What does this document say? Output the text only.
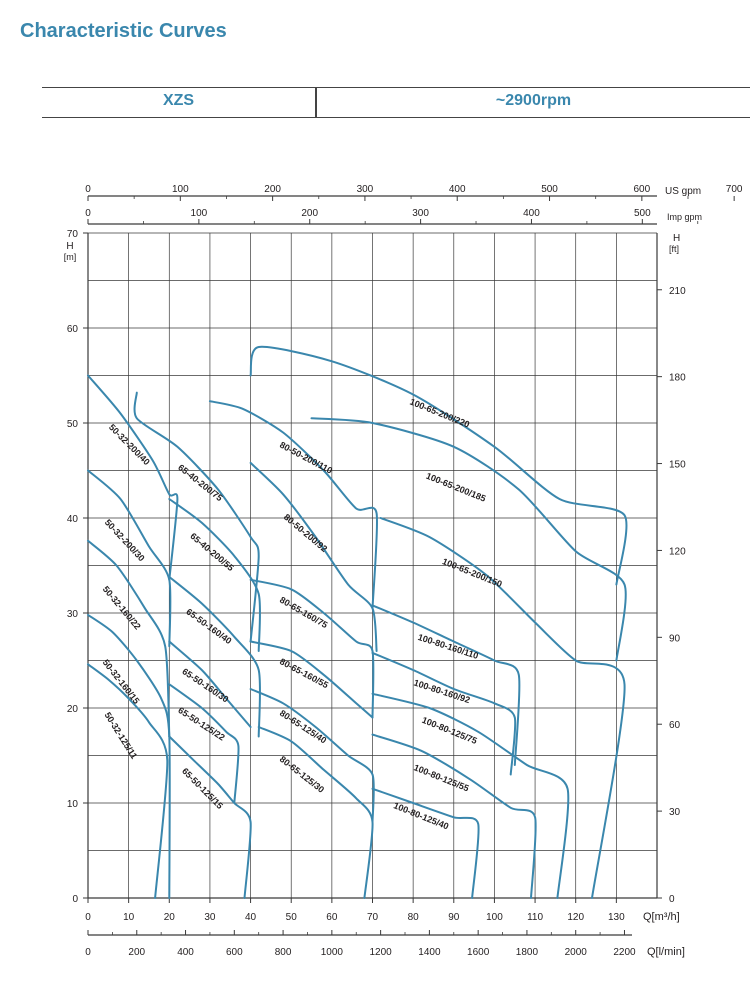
Characteristic Curves
XZS	~2900rpm
0
10
20
30
40
50
60
70
H
[m]
0
30
60
90
120
150
180
210
H
[ft]
0	10	20	30	40	50	60	70	80	90	100 110 120 130 Q[m³/h]
0	200	400	600	800	1000	1200	1400	1600	1800	2000	2200 Q[l/min]
0	100	200	300	400	500	600	700
US gpm
0	100	200	300	400	500 Imp gpm
50-32-125/11
50-32-160/15
50-32-160/22
50-32-200/30
50-32-200/40
65-40-200/75
65-40-200/55
65-50-160/40
65-50-160/30
65-50-125/22
65-50-125/15
80-50-200/110
80-50-200/92
80-65-160/75
80-65-160/55
80-65-125/40
80-65-125/30
100-65-200/220
100-65-200/185
100-65-200/150
100-80-160/110
100-80-160/92
100-80-125/75
100-80-125/55
100-80-125/40
